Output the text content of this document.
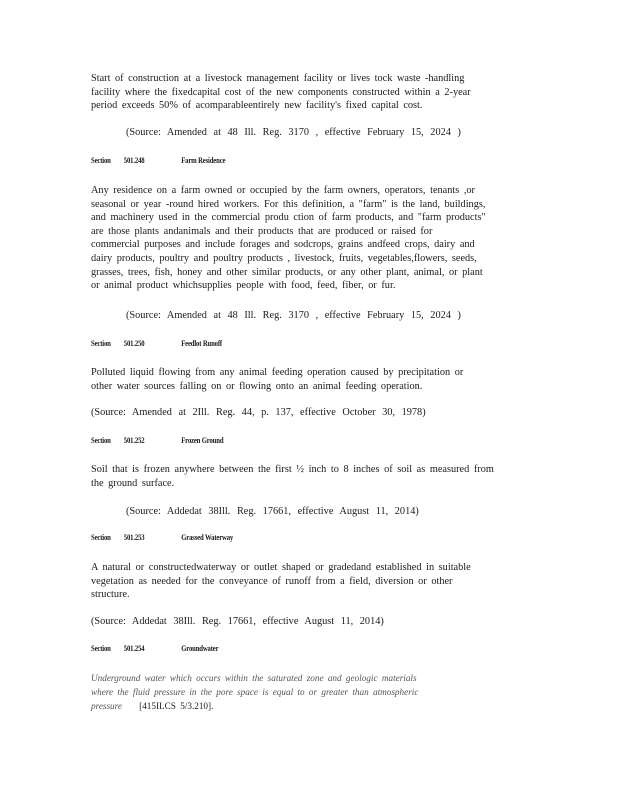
Start of construction at a livestock management facility or lives tock waste -handling
facility where the fixedcapital cost of the new components constructed within a 2-year
period exceeds 50% of acomparableentirely new facility's fixed capital cost.
(Source: Amended at 48 Ill. Reg. 3170 , effective February 15, 2024 )
Section 501.248	Farm Residence
Any residence on a farm owned or occupied by the farm owners, operators, tenants ,or
seasonal or year -round hired workers. For this definition, a "farm" is the land, buildings,
and machinery used in the commercial produ ction of farm products, and "farm products"
are those plants andanimals and their products that are produced or raised for
commercial purposes and include forages and sodcrops, grains andfeed crops, dairy and
dairy products, poultry and poultry products , livestock, fruits, vegetables,flowers, seeds,
grasses, trees, fish, honey and other similar products, or any other plant, animal, or plant
or animal product whichsupplies people with food, feed, fiber, or fur.
(Source: Amended at 48 Ill. Reg. 3170 , effective February 15, 2024 )
Section 501.250	Feedlot Runoff
Polluted liquid flowing from any animal feeding operation caused by precipitation or
other water sources falling on or flowing onto an animal feeding operation.
(Source: Amended at 2Ill. Reg. 44, p. 137, effective October 30, 1978)
Section 501.252	Frozen Ground
Soil that is frozen anywhere between the first ½ inch to 8 inches of soil as measured from
the ground surface.
(Source: Addedat 38Ill. Reg. 17661, effective August 11, 2014)
Section 501.253	Grassed Waterway
A natural or constructedwaterway or outlet shaped or gradedand established in suitable
vegetation as needed for the conveyance of runoff from a field, diversion or other
structure.
(Source: Addedat 38Ill. Reg. 17661, effective August 11, 2014)
Section 501.254	Groundwater
Underground water which occurs within the saturated zone and geologic materials
where the fluid pressure in the pore space is equal to or greater than atmospheric
pressure [415ILCS 5/3.210].
